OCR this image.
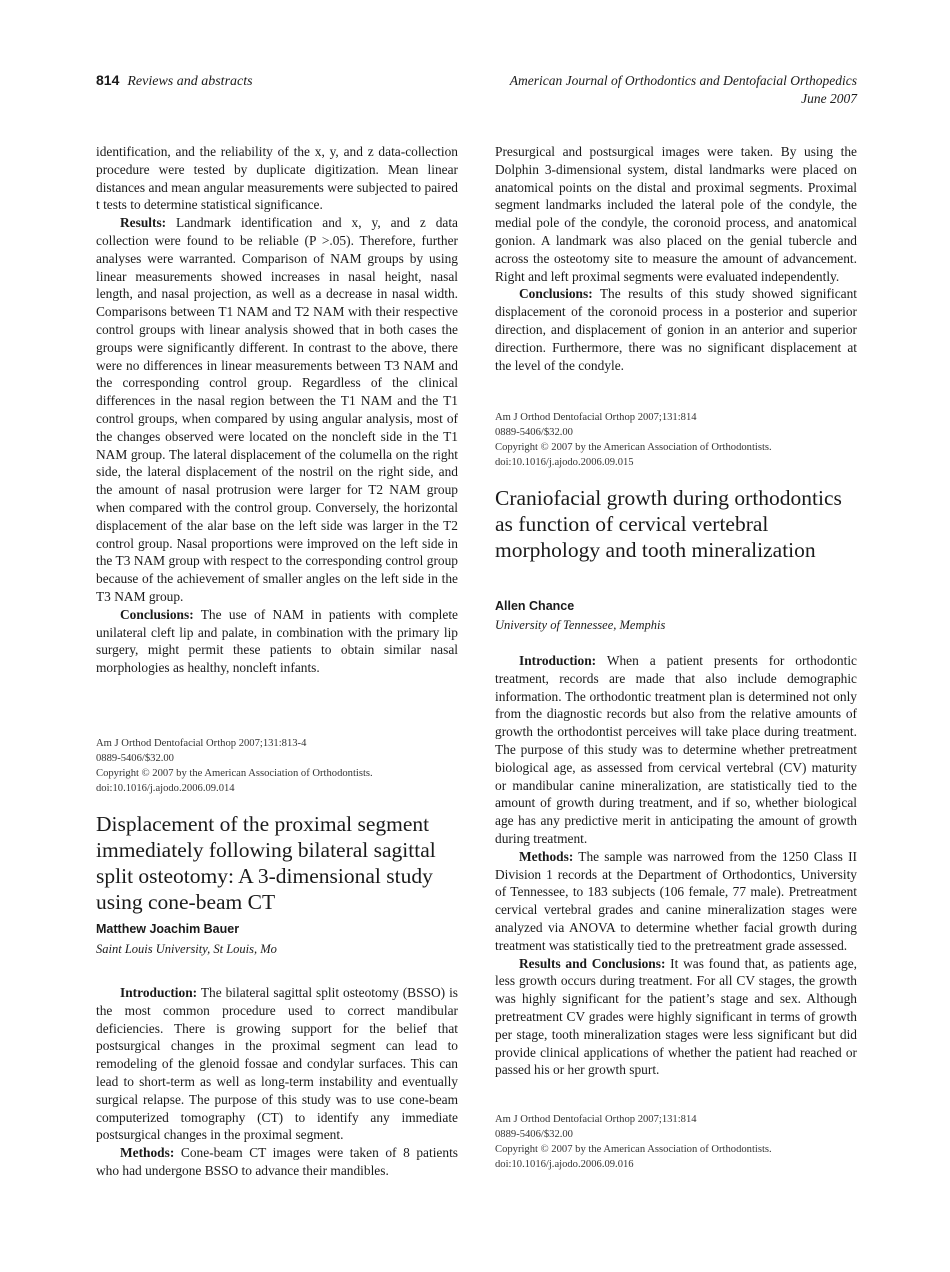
814 Reviews and abstracts	American Journal of Orthodontics and Dentofacial Orthopedics
June 2007

identification, and the reliability of the x, y, and z data-collection procedure were tested by duplicate digitization. Mean linear distances and mean angular measurements were subjected to paired t tests to determine statistical significance.

Results: Landmark identification and x, y, and z data collection were found to be reliable (P >.05). Therefore, further analyses were warranted. Comparison of NAM groups by using linear measurements showed increases in nasal height, nasal length, and nasal projection, as well as a decrease in nasal width. Comparisons between T1 NAM and T2 NAM with their respective control groups with linear analysis showed that in both cases the groups were significantly different. In contrast to the above, there were no differences in linear measurements between T3 NAM and the corresponding control group. Regardless of the clinical differences in the nasal region between the T1 NAM and the T1 control groups, when compared by using angular analysis, most of the changes observed were located on the noncleft side in the T1 NAM group. The lateral displacement of the columella on the right side, the lateral displacement of the nostril on the right side, and the amount of nasal protrusion were larger for T2 NAM group when compared with the control group. Conversely, the horizontal displacement of the alar base on the left side was larger in the T2 control group. Nasal proportions were improved on the left side in the T3 NAM group with respect to the corresponding control group because of the achievement of smaller angles on the left side in the T3 NAM group.

Conclusions: The use of NAM in patients with complete unilateral cleft lip and palate, in combination with the primary lip surgery, might permit these patients to obtain similar nasal morphologies as healthy, noncleft infants.

Am J Orthod Dentofacial Orthop 2007;131:813-4
0889-5406/$32.00
Copyright © 2007 by the American Association of Orthodontists.
doi:10.1016/j.ajodo.2006.09.014
Displacement of the proximal segment immediately following bilateral sagittal split osteotomy: A 3-dimensional study using cone-beam CT
Matthew Joachim Bauer
Saint Louis University, St Louis, Mo

Introduction: The bilateral sagittal split osteotomy (BSSO) is the most common procedure used to correct mandibular deficiencies. There is growing support for the belief that postsurgical changes in the proximal segment can lead to remodeling of the glenoid fossae and condylar surfaces. This can lead to short-term as well as long-term instability and eventually surgical relapse. The purpose of this study was to use cone-beam computerized tomography (CT) to identify any immediate postsurgical changes in the proximal segment.

Methods: Cone-beam CT images were taken of 8 patients who had undergone BSSO to advance their mandibles.

Presurgical and postsurgical images were taken. By using the Dolphin 3-dimensional system, distal landmarks were placed on anatomical points on the distal and proximal segments. Proximal segment landmarks included the lateral pole of the condyle, the medial pole of the condyle, the coronoid process, and anatomical gonion. A landmark was also placed on the genial tubercle and across the osteotomy site to measure the amount of advancement. Right and left proximal segments were evaluated independently.

Conclusions: The results of this study showed significant displacement of the coronoid process in a posterior and superior direction, and displacement of gonion in an anterior and superior direction. Furthermore, there was no significant displacement at the level of the condyle.

Am J Orthod Dentofacial Orthop 2007;131:814
0889-5406/$32.00
Copyright © 2007 by the American Association of Orthodontists.
doi:10.1016/j.ajodo.2006.09.015
Craniofacial growth during orthodontics as function of cervical vertebral morphology and tooth mineralization
Allen Chance
University of Tennessee, Memphis

Introduction: When a patient presents for orthodontic treatment, records are made that also include demographic information. The orthodontic treatment plan is determined not only from the diagnostic records but also from the relative amounts of growth the orthodontist perceives will take place during treatment. The purpose of this study was to determine whether pretreatment biological age, as assessed from cervical vertebral (CV) maturity or mandibular canine mineralization, are statistically tied to the amount of growth during treatment, and if so, whether biological age has any predictive merit in anticipating the amount of growth during treatment.

Methods: The sample was narrowed from the 1250 Class II Division 1 records at the Department of Orthodontics, University of Tennessee, to 183 subjects (106 female, 77 male). Pretreatment cervical vertebral grades and canine mineralization stages were analyzed via ANOVA to determine whether facial growth during treatment was statistically tied to the pretreatment grade assessed.

Results and Conclusions: It was found that, as patients age, less growth occurs during treatment. For all CV stages, the growth was highly significant for the patient’s stage and sex. Although pretreatment CV grades were highly significant in terms of growth per stage, tooth mineralization stages were less significant but did provide clinical applications of whether the patient had reached or passed his or her growth spurt.

Am J Orthod Dentofacial Orthop 2007;131:814
0889-5406/$32.00
Copyright © 2007 by the American Association of Orthodontists.
doi:10.1016/j.ajodo.2006.09.016
